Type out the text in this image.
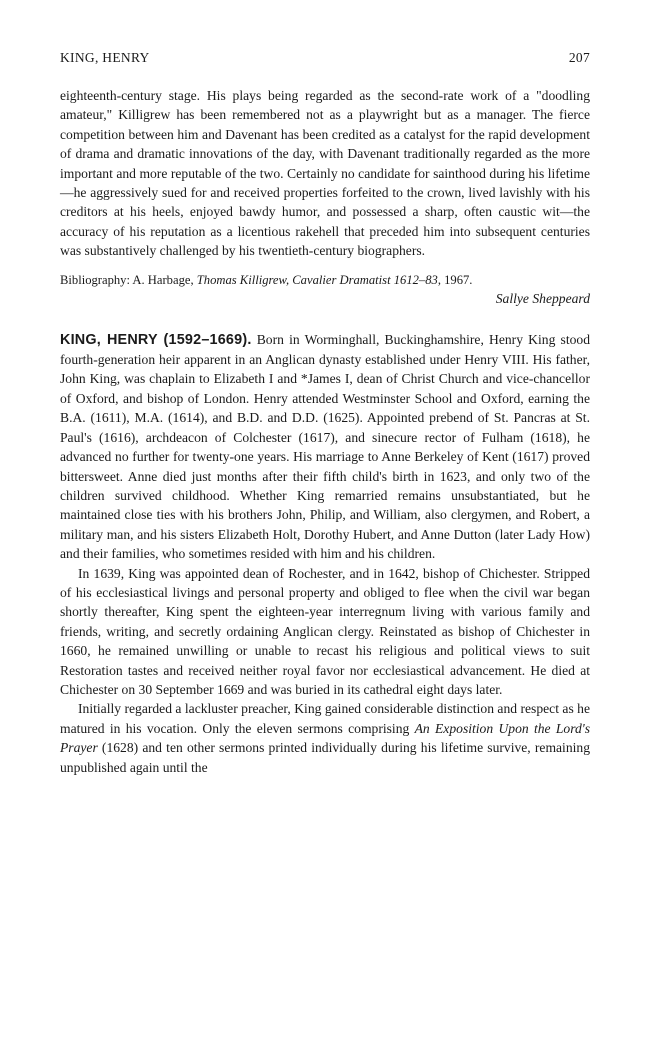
KING, HENRY	207

eighteenth-century stage. His plays being regarded as the second-rate work of a "doodling amateur," Killigrew has been remembered not as a playwright but as a manager. The fierce competition between him and Davenant has been credited as a catalyst for the rapid development of drama and dramatic innovations of the day, with Davenant traditionally regarded as the more important and more reputable of the two. Certainly no candidate for sainthood during his lifetime—he aggressively sued for and received properties forfeited to the crown, lived lavishly with his creditors at his heels, enjoyed bawdy humor, and possessed a sharp, often caustic wit—the accuracy of his reputation as a licentious rakehell that preceded him into subsequent centuries was substantively challenged by his twentieth-century biographers.

Bibliography: A. Harbage, Thomas Killigrew, Cavalier Dramatist 1612–83, 1967.
Sallye Sheppeard

KING, HENRY (1592–1669). Born in Worminghall, Buckinghamshire, Henry King stood fourth-generation heir apparent in an Anglican dynasty established under Henry VIII. His father, John King, was chaplain to Elizabeth I and *James I, dean of Christ Church and vice-chancellor of Oxford, and bishop of London. Henry attended Westminster School and Oxford, earning the B.A. (1611), M.A. (1614), and B.D. and D.D. (1625). Appointed prebend of St. Pancras at St. Paul's (1616), archdeacon of Colchester (1617), and sinecure rector of Fulham (1618), he advanced no further for twenty-one years. His marriage to Anne Berkeley of Kent (1617) proved bittersweet. Anne died just months after their fifth child's birth in 1623, and only two of the children survived childhood. Whether King remarried remains unsubstantiated, but he maintained close ties with his brothers John, Philip, and William, also clergymen, and Robert, a military man, and his sisters Elizabeth Holt, Dorothy Hubert, and Anne Dutton (later Lady How) and their families, who sometimes resided with him and his children.

In 1639, King was appointed dean of Rochester, and in 1642, bishop of Chichester. Stripped of his ecclesiastical livings and personal property and obliged to flee when the civil war began shortly thereafter, King spent the eighteen-year interregnum living with various family and friends, writing, and secretly ordaining Anglican clergy. Reinstated as bishop of Chichester in 1660, he remained unwilling or unable to recast his religious and political views to suit Restoration tastes and received neither royal favor nor ecclesiastical advancement. He died at Chichester on 30 September 1669 and was buried in its cathedral eight days later.

Initially regarded a lackluster preacher, King gained considerable distinction and respect as he matured in his vocation. Only the eleven sermons comprising An Exposition Upon the Lord's Prayer (1628) and ten other sermons printed individually during his lifetime survive, remaining unpublished again until the
